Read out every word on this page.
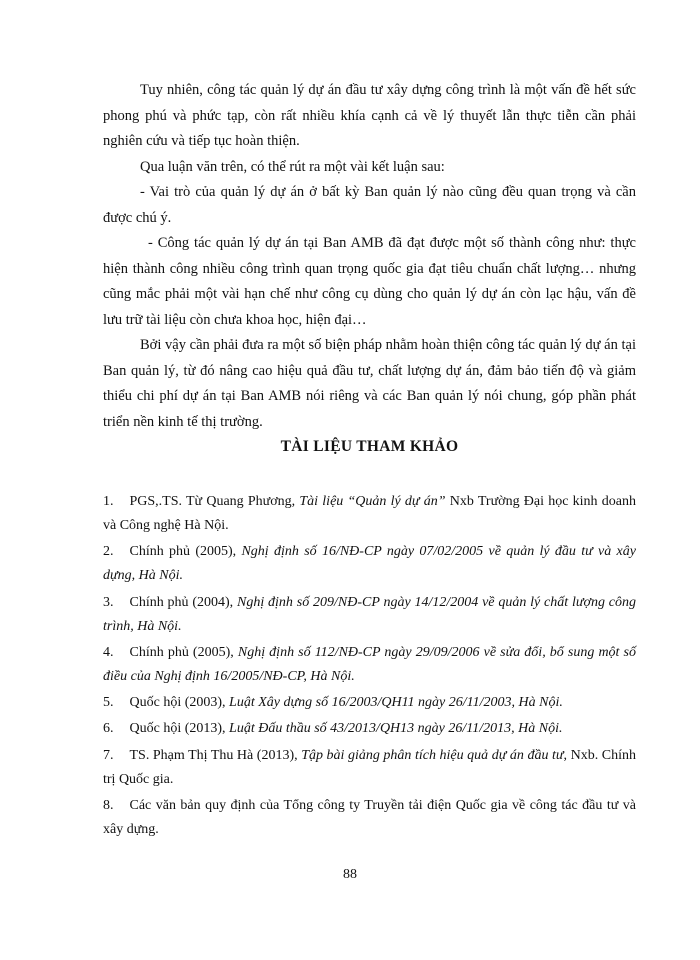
Tuy nhiên, công tác quản lý dự án đầu tư xây dựng công trình là một vấn đề hết sức phong phú và phức tạp, còn rất nhiều khía cạnh cả về lý thuyết lẫn thực tiễn cần phải nghiên cứu và tiếp tục hoàn thiện.

Qua luận văn trên, có thể rút ra một vài kết luận sau:

- Vai trò của quản lý dự án ở bất kỳ Ban quản lý nào cũng đều quan trọng và cần được chú ý.

- Công tác quản lý dự án tại Ban AMB đã đạt được một số thành công như: thực hiện thành công nhiều công trình quan trọng quốc gia đạt tiêu chuẩn chất lượng… nhưng cũng mắc phải một vài hạn chế như công cụ dùng cho quản lý dự án còn lạc hậu, vấn đề lưu trữ tài liệu còn chưa khoa học, hiện đại…

Bởi vậy cần phải đưa ra một số biện pháp nhằm hoàn thiện công tác quản lý dự án tại Ban quản lý, từ đó nâng cao hiệu quả đầu tư, chất lượng dự án, đảm bảo tiến độ và giảm thiểu chi phí dự án tại Ban AMB nói riêng và các Ban quản lý nói chung, góp phần phát triển nền kinh tế thị trường.

TÀI LIỆU THAM KHẢO

1. PGS,.TS. Từ Quang Phương, Tài liệu “Quản lý dự án” Nxb Trường Đại học kinh doanh và Công nghệ Hà Nội.

2. Chính phủ (2005), Nghị định số 16/NĐ-CP ngày 07/02/2005 về quản lý đầu tư và xây dựng, Hà Nội.

3. Chính phủ (2004), Nghị định số 209/NĐ-CP ngày 14/12/2004 về quản lý chất lượng công trình, Hà Nội.

4. Chính phủ (2005), Nghị định số 112/NĐ-CP ngày 29/09/2006 về sửa đổi, bổ sung một số điều của Nghị định 16/2005/NĐ-CP, Hà Nội.

5. Quốc hội (2003), Luật Xây dựng số 16/2003/QH11 ngày 26/11/2003, Hà Nội.

6. Quốc hội (2013), Luật Đấu thầu số 43/2013/QH13 ngày 26/11/2013, Hà Nội.

7. TS. Phạm Thị Thu Hà (2013), Tập bài giảng phân tích hiệu quả dự án đầu tư, Nxb. Chính trị Quốc gia.

8. Các văn bản quy định của Tổng công ty Truyền tải điện Quốc gia về công tác đầu tư và xây dựng.

88
